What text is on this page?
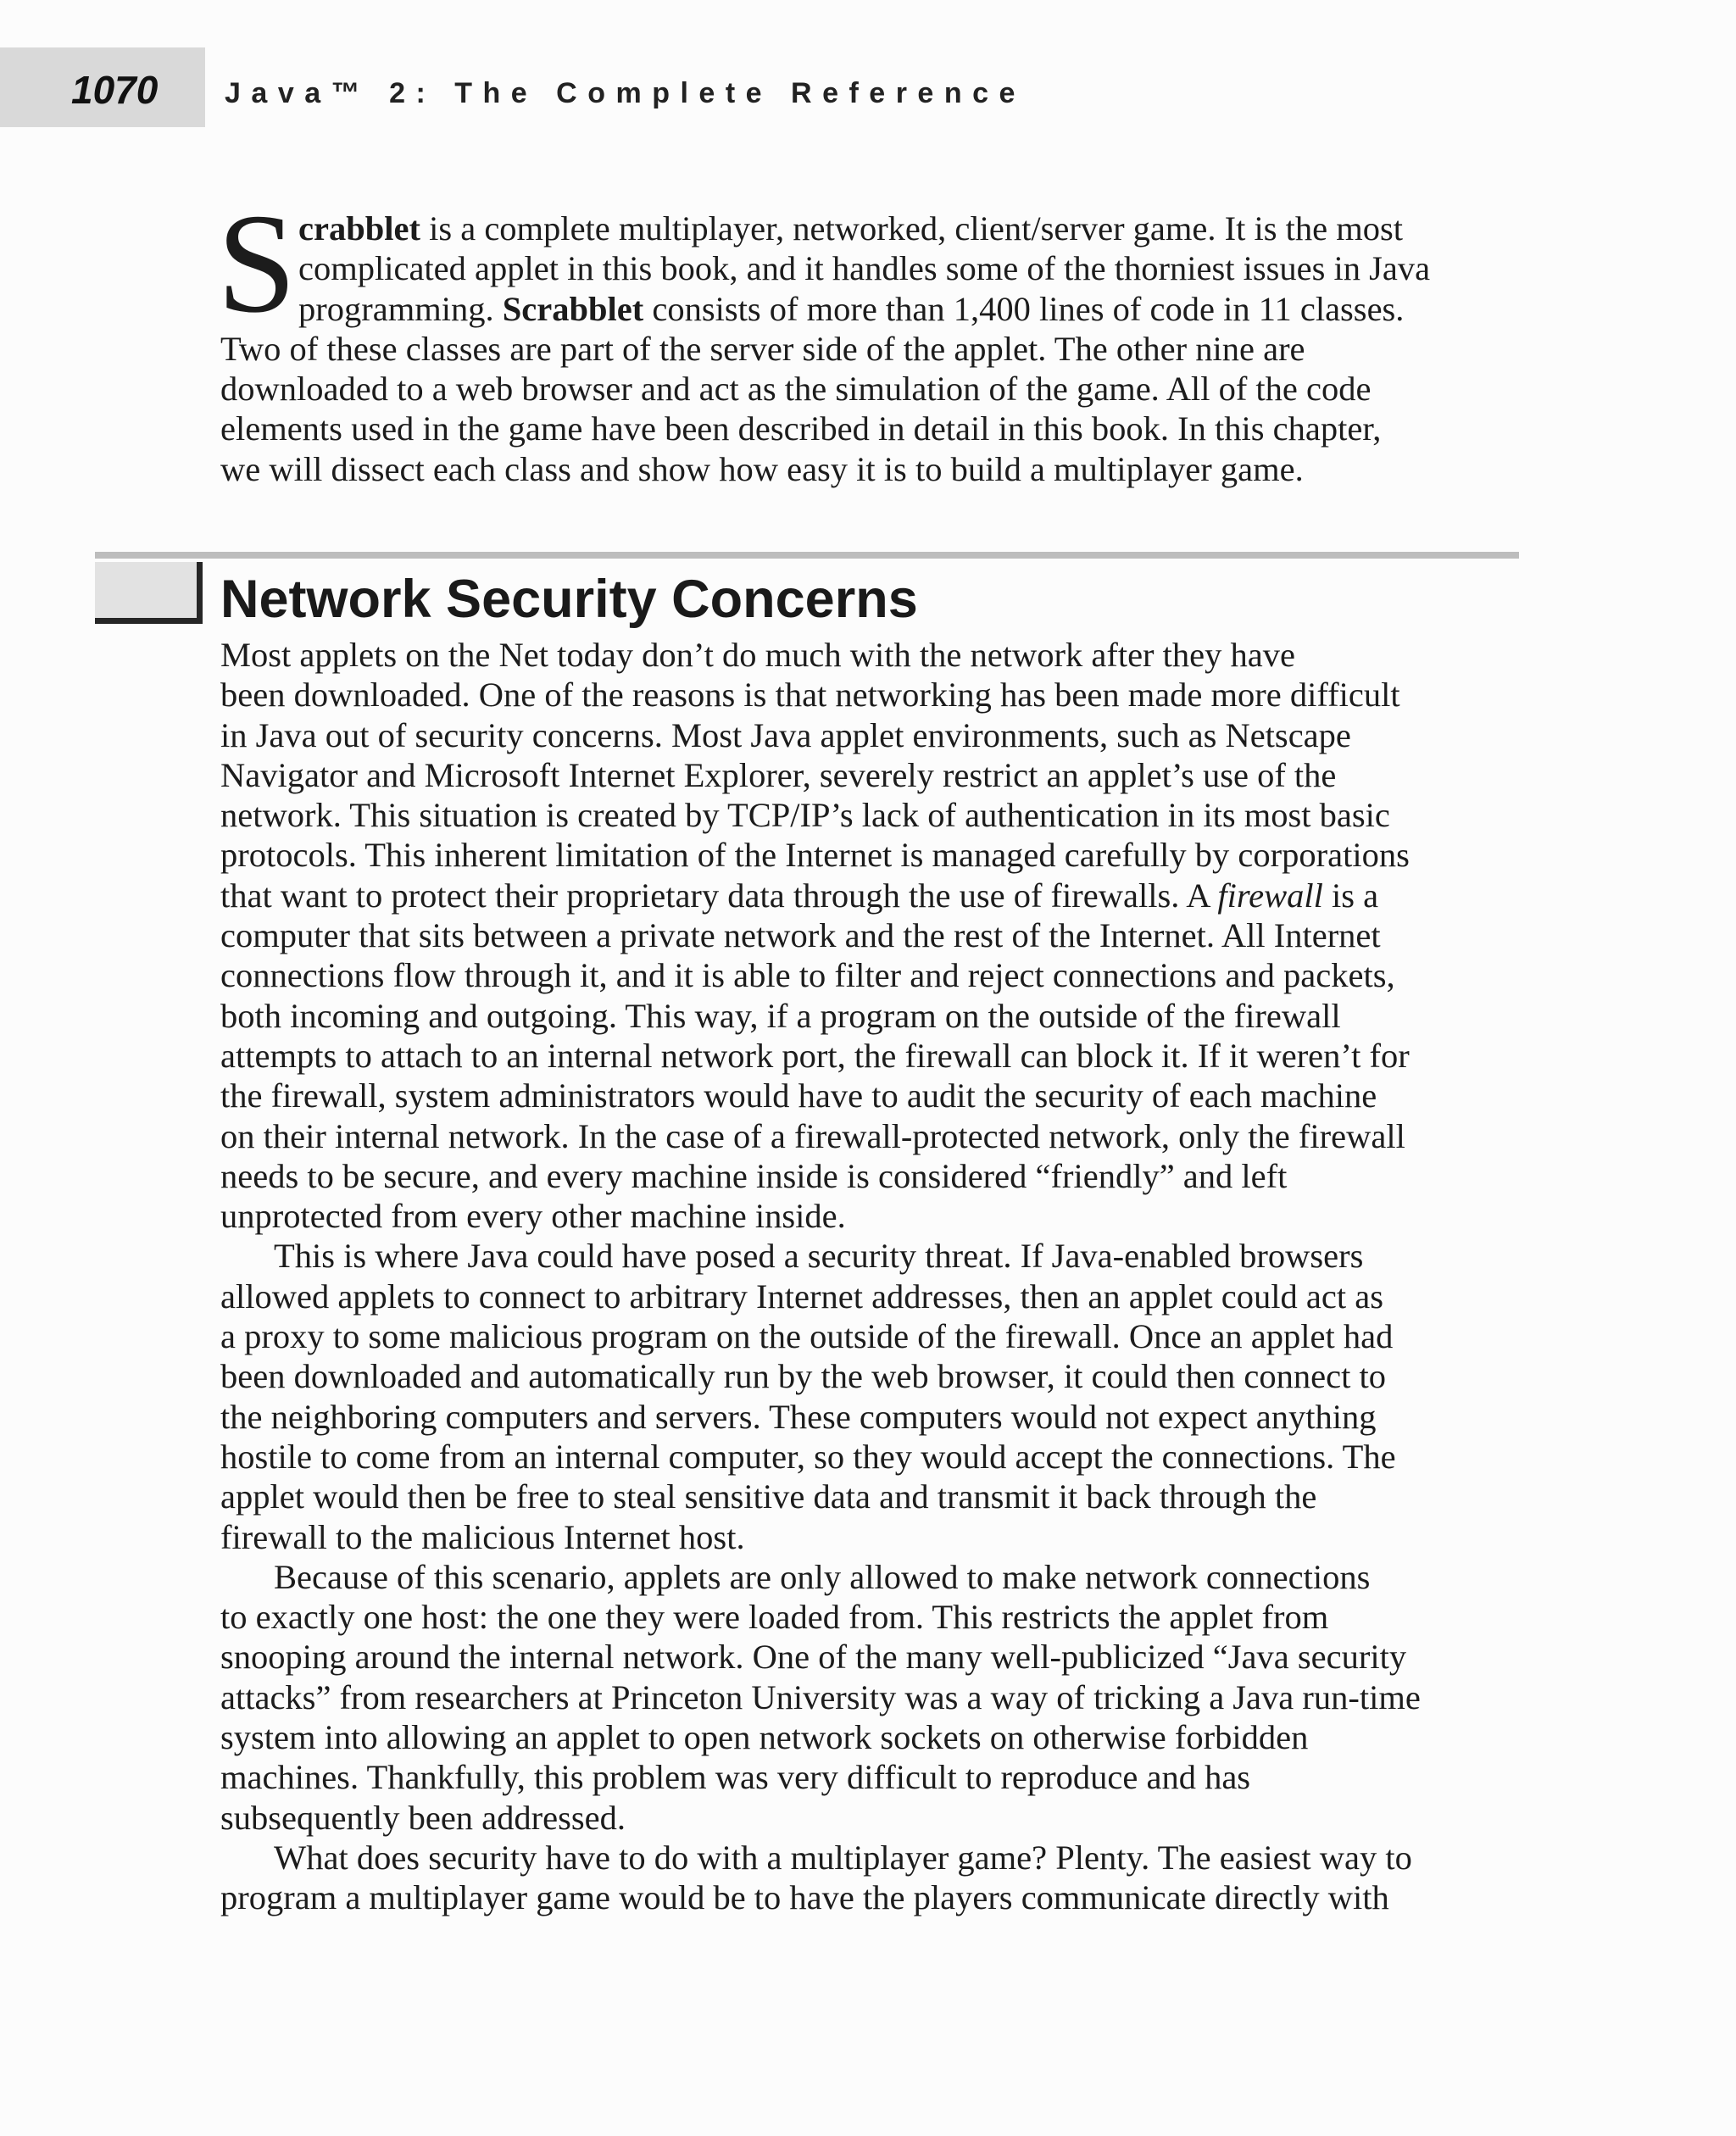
1070 Java™ 2: The Complete Reference
S crabblet is a complete multiplayer, networked, client/server game. It is the most
complicated applet in this book, and it handles some of the thorniest issues in Java
programming. Scrabblet consists of more than 1,400 lines of code in 11 classes.
Two of these classes are part of the server side of the applet. The other nine are
downloaded to a web browser and act as the simulation of the game. All of the code
elements used in the game have been described in detail in this book. In this chapter,
we will dissect each class and show how easy it is to build a multiplayer game.
Network Security Concerns
Most applets on the Net today don’t do much with the network after they have
been downloaded. One of the reasons is that networking has been made more difficult
in Java out of security concerns. Most Java applet environments, such as Netscape
Navigator and Microsoft Internet Explorer, severely restrict an applet’s use of the
network. This situation is created by TCP/IP’s lack of authentication in its most basic
protocols. This inherent limitation of the Internet is managed carefully by corporations
that want to protect their proprietary data through the use of firewalls. A firewall is a
computer that sits between a private network and the rest of the Internet. All Internet
connections flow through it, and it is able to filter and reject connections and packets,
both incoming and outgoing. This way, if a program on the outside of the firewall
attempts to attach to an internal network port, the firewall can block it. If it weren’t for
the firewall, system administrators would have to audit the security of each machine
on their internal network. In the case of a firewall-protected network, only the firewall
needs to be secure, and every machine inside is considered “friendly” and left
unprotected from every other machine inside.
This is where Java could have posed a security threat. If Java-enabled browsers
allowed applets to connect to arbitrary Internet addresses, then an applet could act as
a proxy to some malicious program on the outside of the firewall. Once an applet had
been downloaded and automatically run by the web browser, it could then connect to
the neighboring computers and servers. These computers would not expect anything
hostile to come from an internal computer, so they would accept the connections. The
applet would then be free to steal sensitive data and transmit it back through the
firewall to the malicious Internet host.
Because of this scenario, applets are only allowed to make network connections
to exactly one host: the one they were loaded from. This restricts the applet from
snooping around the internal network. One of the many well-publicized “Java security
attacks” from researchers at Princeton University was a way of tricking a Java run-time
system into allowing an applet to open network sockets on otherwise forbidden
machines. Thankfully, this problem was very difficult to reproduce and has
subsequently been addressed.
What does security have to do with a multiplayer game? Plenty. The easiest way to
program a multiplayer game would be to have the players communicate directly with
